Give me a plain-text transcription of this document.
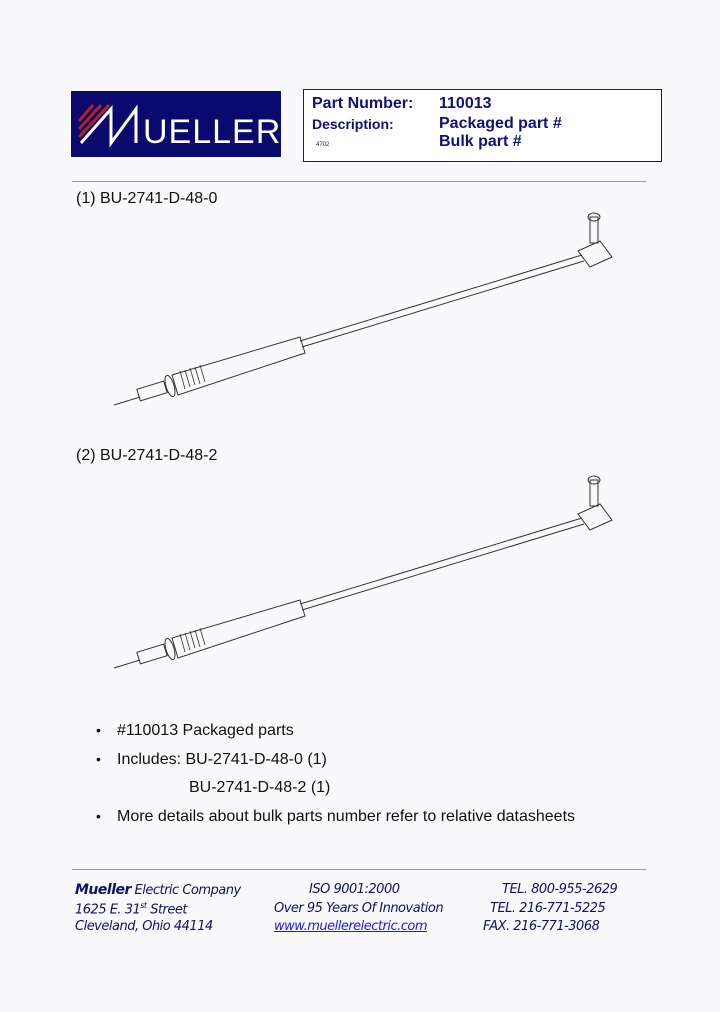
UELLER
Part Number: 110013
Description:	Packaged part #
Bulk part #
4702
(1) BU-2741-D-48-0
(2) BU-2741-D-48-2
• #110013 Packaged parts
• Includes: BU-2741-D-48-0 (1)
BU-2741-D-48-2 (1)
• More details about bulk parts number refer to relative datasheets
Mueller Electric Company
1625 E. 31st Street
Cleveland, Ohio 44114
ISO 9001:2000
Over 95 Years Of Innovation
www.muellerelectric.com
TEL. 800-955-2629
TEL. 216-771-5225
FAX. 216-771-3068
